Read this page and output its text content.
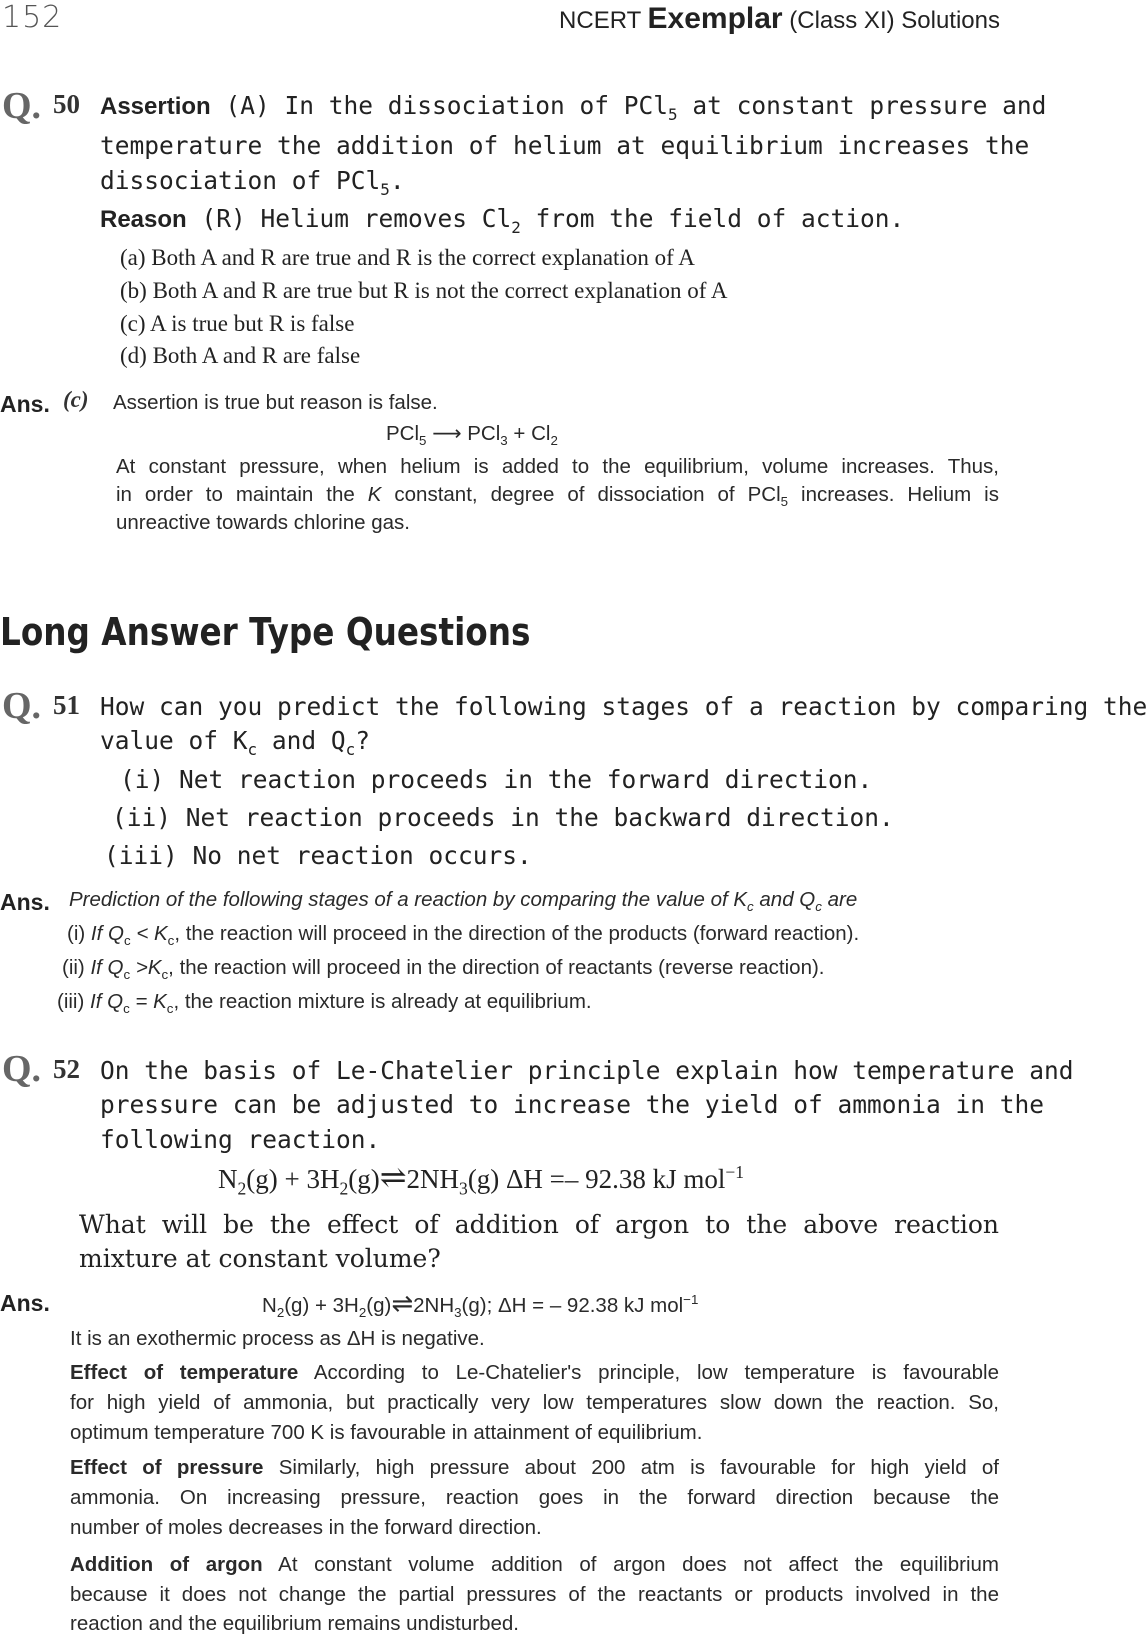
152	NCERT Exemplar (Class XI) Solutions
Q. 50 Assertion (A) In the dissociation of PCl$_5$ at constant pressure and
temperature the addition of helium at equilibrium increases the
dissociation of PCl$_5$.
Reason (R) Helium removes $Cl_2$ from the field of action.
(a) Both A and R are true and R is the correct explanation of A
(b) Both A and R are true but R is not the correct explanation of A
(c) A is true but R is false
(d) Both A and R are false
Ans. (c) Assertion is true but reason is false.
PCl$_5$ ⟶ $PCl_3 + Cl_2$
At constant pressure, when helium is added to the equilibrium, volume increases. Thus,
in order to maintain the K constant, degree of dissociation of PCl$_5$ increases. Helium is
unreactive towards chlorine gas.
Long Answer Type Questions
Q. 51 How can you predict the following stages of a reaction by comparing the
value of $K_c$ and $Q_c$?
(i) Net reaction proceeds in the forward direction.
(ii) Net reaction proceeds in the backward direction.
(iii) No net reaction occurs.
Ans. Prediction of the following stages of a reaction by comparing the value of $K_c$ and $Q_c$ are
(i) If $Q_c < K_c$, the reaction will proceed in the direction of the products (forward reaction).
(ii) If $Q_c >K_c$, the reaction will proceed in the direction of reactants (reverse reaction).
(iii) If $Q_c = K_c$, the reaction mixture is already at equilibrium.
Q. 52 On the basis of Le-Chatelier principle explain how temperature and
pressure can be adjusted to increase the yield of ammonia in the
following reaction.
$N_2(g)$ + $3H_2(g)\rightleftharpoons 2NH_3(g) \Delta H =- 92.38$ kJ mol$^{-1}$
What will be the effect of addition of argon to the above reaction
mixture at constant volume?
Ans.	$N_2(g)$ + $3H_2(g)\rightleftharpoons 2NH_3(g)$; ΔH = – 92.38 kJ mol$^{-1}$
It is an exothermic process as ΔH is negative.
Effect of temperature According to Le-Chatelier's principle, low temperature is favourable
for high yield of ammonia, but practically very low temperatures slow down the reaction. So,
optimum temperature 700 K is favourable in attainment of equilibrium.
Effect of pressure Similarly, high pressure about 200 atm is favourable for high yield of
ammonia. On increasing pressure, reaction goes in the forward direction because the
number of moles decreases in the forward direction.
Addition of argon At constant volume addition of argon does not affect the equilibrium
because it does not change the partial pressures of the reactants or products involved in the
reaction and the equilibrium remains undisturbed.
